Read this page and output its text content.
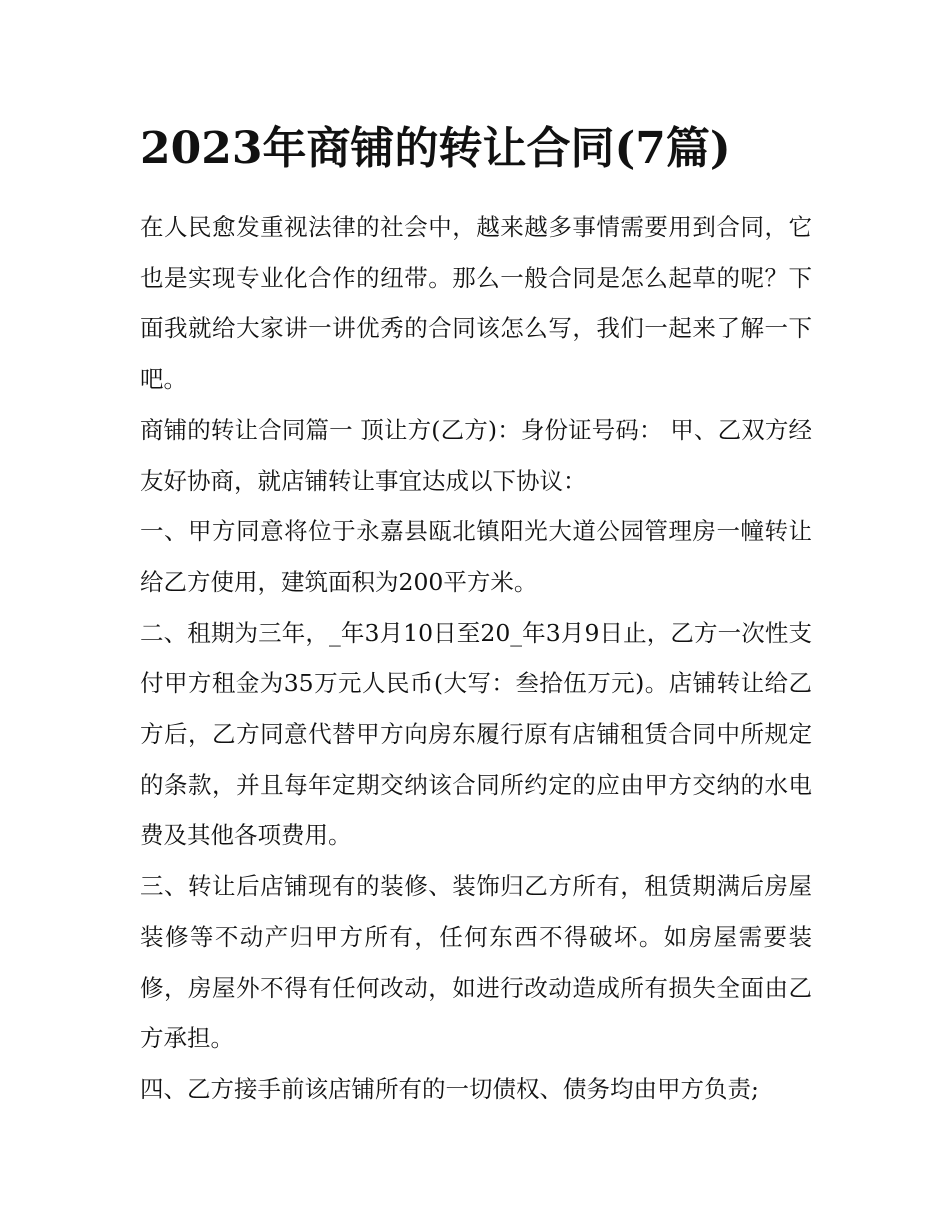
2023年商铺的转让合同(7篇)

在人民愈发重视法律的社会中，越来越多事情需要用到合同，它也是实现专业化合作的纽带。那么一般合同是怎么起草的呢？下面我就给大家讲一讲优秀的合同该怎么写，我们一起来了解一下吧。

商铺的转让合同篇一 顶让方(乙方)：身份证号码： 甲、乙双方经友好协商，就店铺转让事宜达成以下协议：

一、甲方同意将位于永嘉县瓯北镇阳光大道公园管理房一幢转让给乙方使用，建筑面积为200平方米。

二、租期为三年，_年3月10日至20_年3月9日止，乙方一次性支付甲方租金为35万元人民币(大写：叁拾伍万元)。店铺转让给乙方后，乙方同意代替甲方向房东履行原有店铺租赁合同中所规定的条款，并且每年定期交纳该合同所约定的应由甲方交纳的水电费及其他各项费用。

三、转让后店铺现有的装修、装饰归乙方所有，租赁期满后房屋装修等不动产归甲方所有，任何东西不得破坏。如房屋需要装修，房屋外不得有任何改动，如进行改动造成所有损失全面由乙方承担。

四、乙方接手前该店铺所有的一切债权、债务均由甲方负责;
